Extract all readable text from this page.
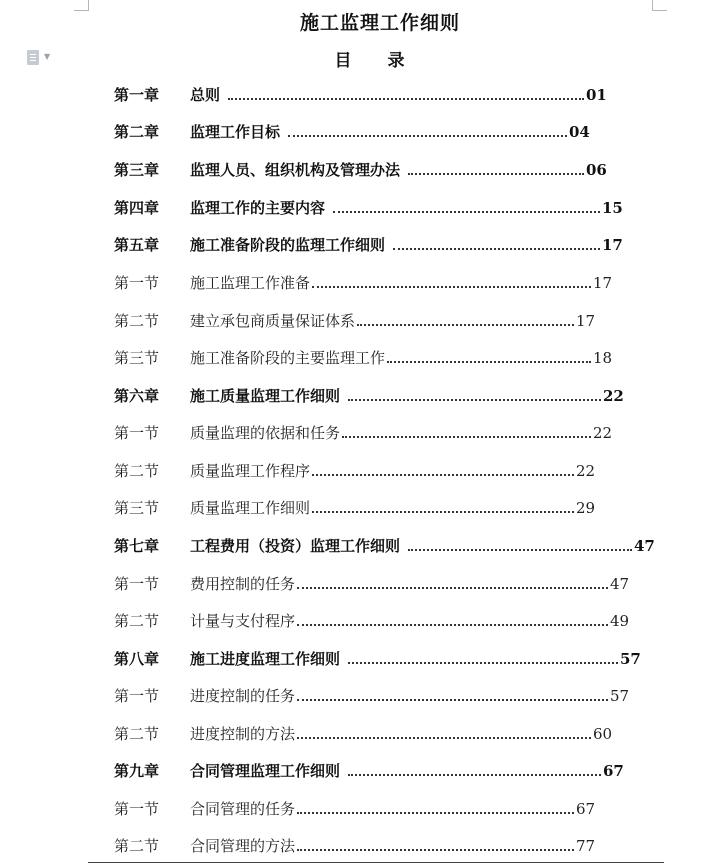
▼
施工监理工作细则
目 录
第一章 总则	01
第二章 监理工作目标	04
第三章 监理人员、组织机构及管理办法	06
第四章 监理工作的主要内容	15
第五章 施工准备阶段的监理工作细则	17
第一节 施工监理工作准备	17
第二节 建立承包商质量保证体系	17
第三节 施工准备阶段的主要监理工作	18
第六章 施工质量监理工作细则	22
第一节 质量监理的依据和任务	22
第二节 质量监理工作程序	22
第三节 质量监理工作细则	29
第七章 工程费用（投资）监理工作细则	47
第一节 费用控制的任务	47
第二节 计量与支付程序	49
第八章 施工进度监理工作细则	57
第一节 进度控制的任务	57
第二节 进度控制的方法	60
第九章 合同管理监理工作细则	67
第一节 合同管理的任务	67
第二节 合同管理的方法	77
